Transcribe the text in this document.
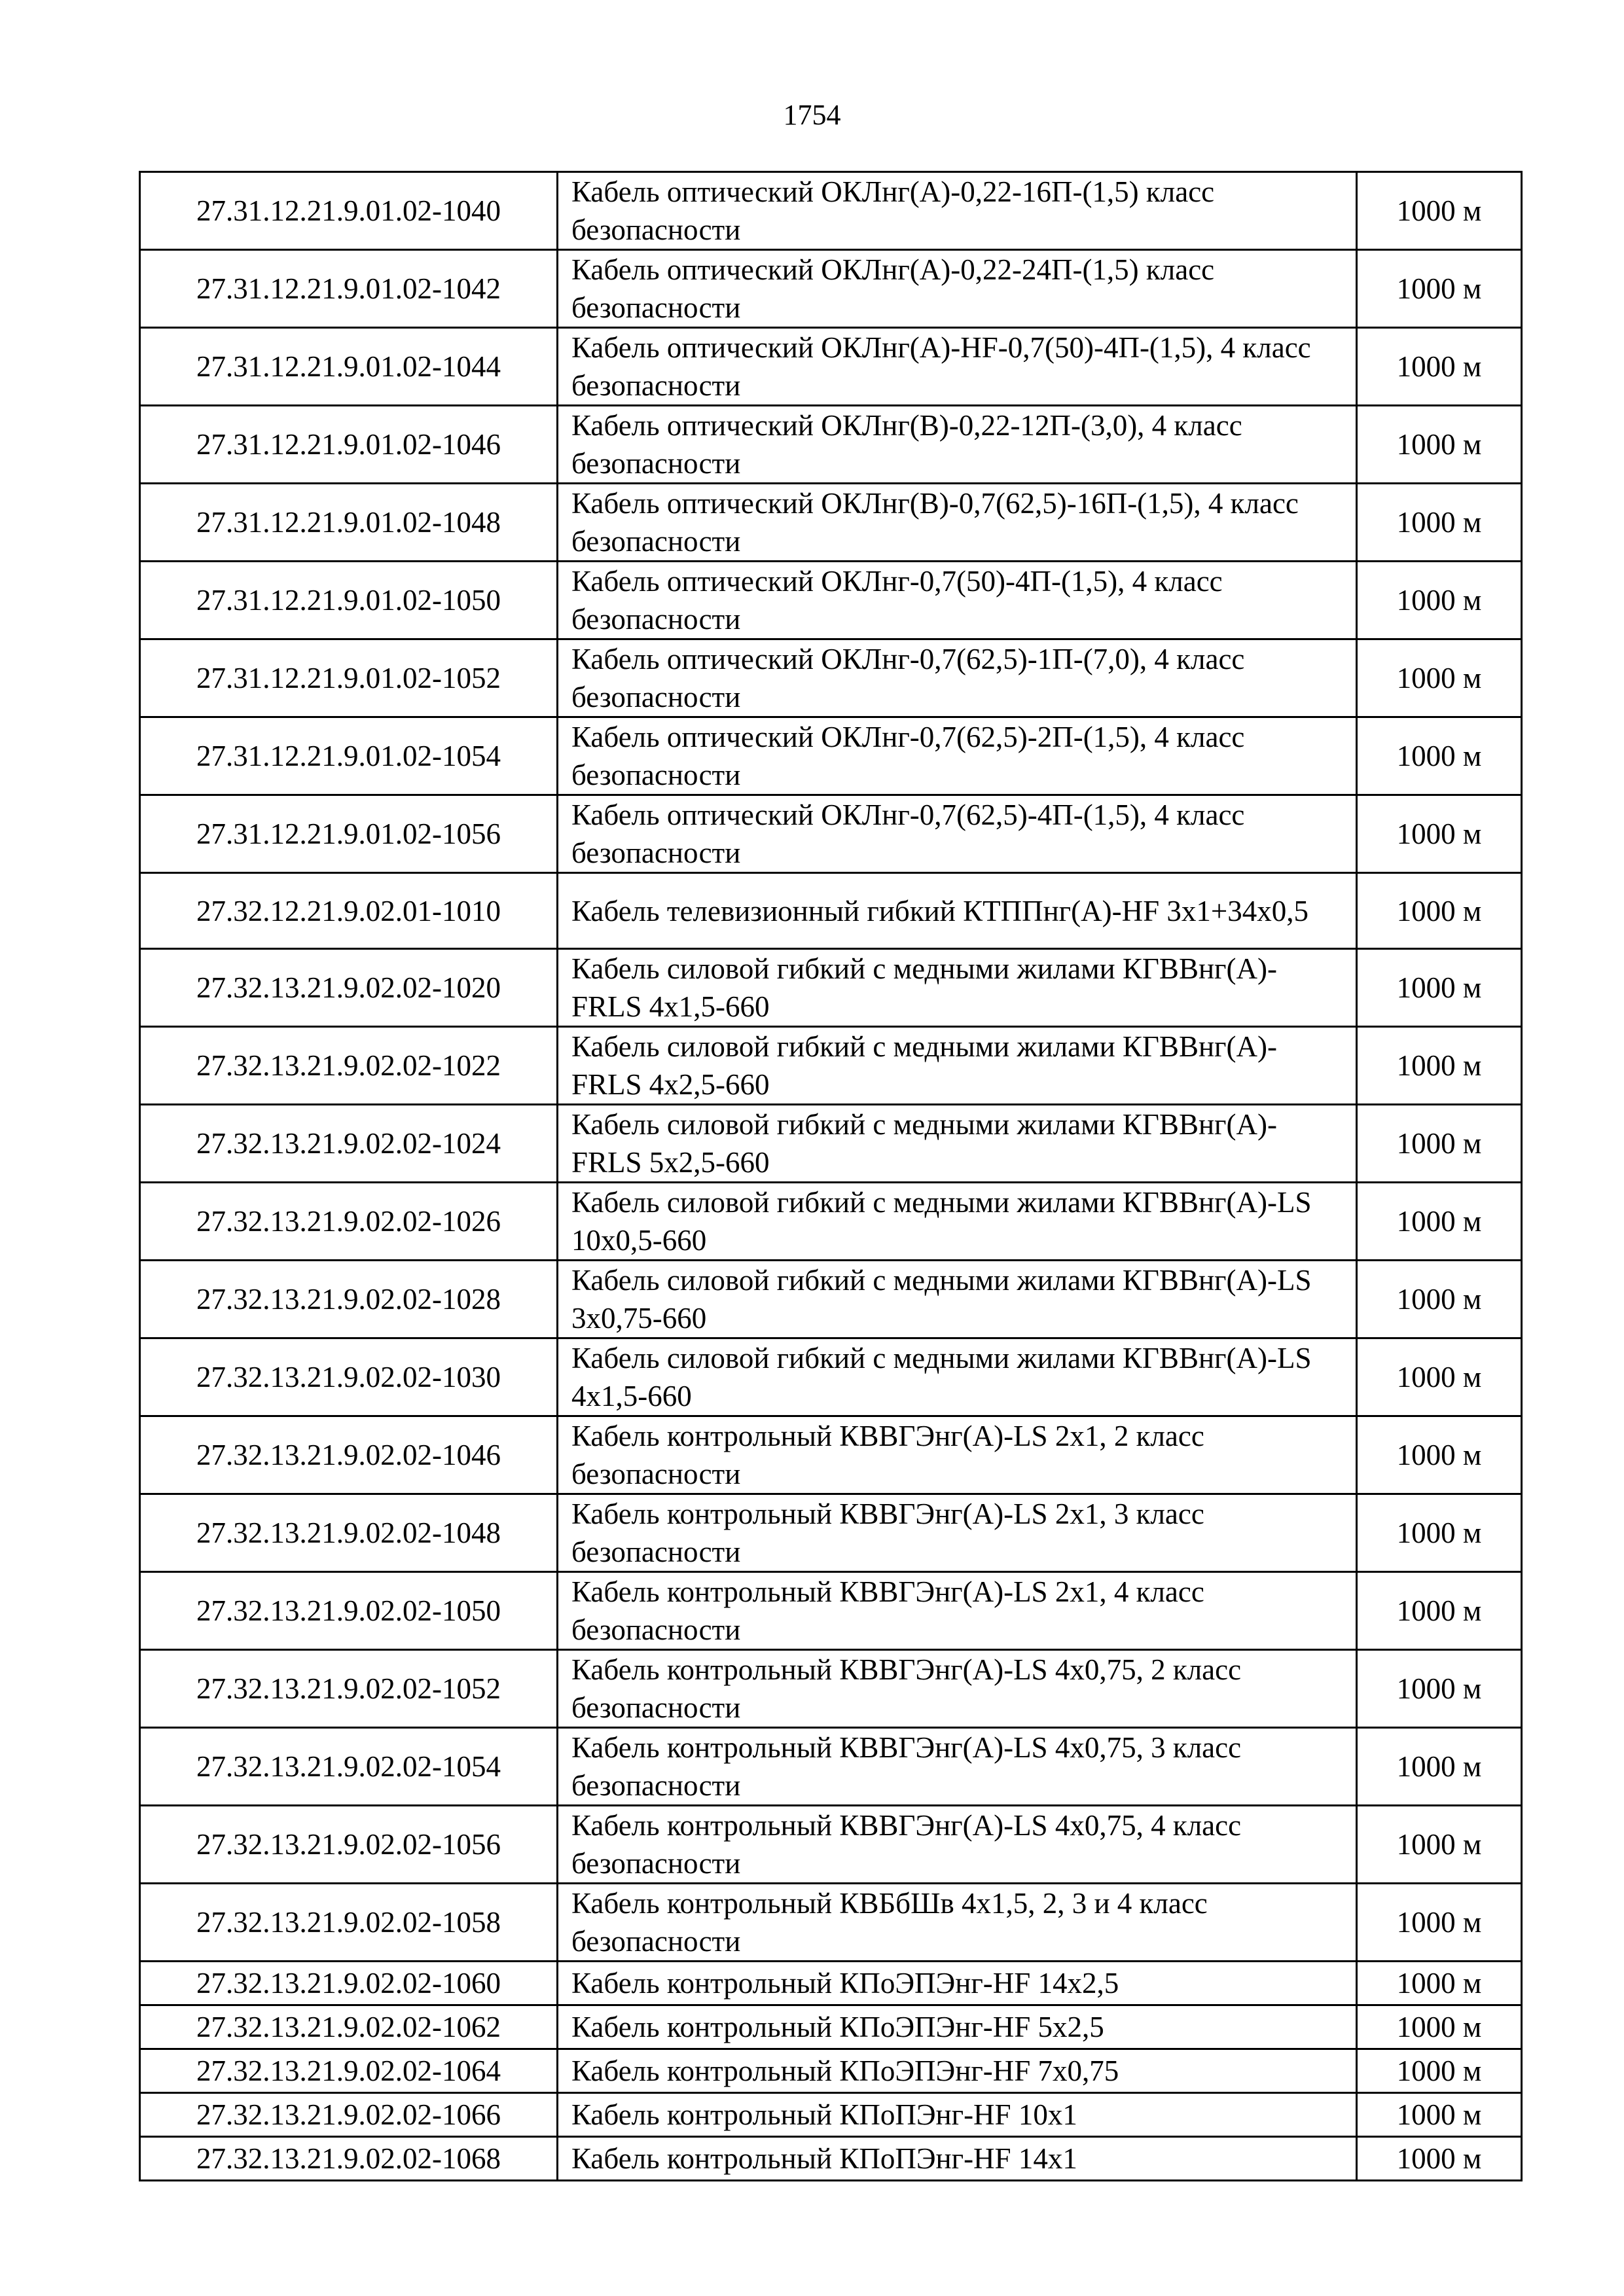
1754
27.31.12.21.9.01.02-1040	Кабель оптический ОКЛнг(А)-0,22-16П-(1,5) класс безопасности	1000 м
27.31.12.21.9.01.02-1042	Кабель оптический ОКЛнг(А)-0,22-24П-(1,5) класс безопасности	1000 м
27.31.12.21.9.01.02-1044	Кабель оптический ОКЛнг(А)-HF-0,7(50)-4П-(1,5), 4 класс безопасности	1000 м
27.31.12.21.9.01.02-1046	Кабель оптический ОКЛнг(В)-0,22-12П-(3,0), 4 класс безопасности	1000 м
27.31.12.21.9.01.02-1048	Кабель оптический ОКЛнг(В)-0,7(62,5)-16П-(1,5), 4 класс безопасности	1000 м
27.31.12.21.9.01.02-1050	Кабель оптический ОКЛнг-0,7(50)-4П-(1,5), 4 класс безопасности	1000 м
27.31.12.21.9.01.02-1052	Кабель оптический ОКЛнг-0,7(62,5)-1П-(7,0), 4 класс безопасности	1000 м
27.31.12.21.9.01.02-1054	Кабель оптический ОКЛнг-0,7(62,5)-2П-(1,5), 4 класс безопасности	1000 м
27.31.12.21.9.01.02-1056	Кабель оптический ОКЛнг-0,7(62,5)-4П-(1,5), 4 класс безопасности	1000 м
27.32.12.21.9.02.01-1010	Кабель телевизионный гибкий КТППнг(А)-HF 3х1+34х0,5	1000 м
27.32.13.21.9.02.02-1020	Кабель силовой гибкий с медными жилами КГВВнг(А)-FRLS 4х1,5-660	1000 м
27.32.13.21.9.02.02-1022	Кабель силовой гибкий с медными жилами КГВВнг(А)-FRLS 4х2,5-660	1000 м
27.32.13.21.9.02.02-1024	Кабель силовой гибкий с медными жилами КГВВнг(А)-FRLS 5х2,5-660	1000 м
27.32.13.21.9.02.02-1026	Кабель силовой гибкий с медными жилами КГВВнг(А)-LS 10х0,5-660	1000 м
27.32.13.21.9.02.02-1028	Кабель силовой гибкий с медными жилами КГВВнг(А)-LS 3х0,75-660	1000 м
27.32.13.21.9.02.02-1030	Кабель силовой гибкий с медными жилами КГВВнг(А)-LS 4х1,5-660	1000 м
27.32.13.21.9.02.02-1046	Кабель контрольный КВВГЭнг(А)-LS 2х1, 2 класс безопасности	1000 м
27.32.13.21.9.02.02-1048	Кабель контрольный КВВГЭнг(А)-LS 2х1, 3 класс безопасности	1000 м
27.32.13.21.9.02.02-1050	Кабель контрольный КВВГЭнг(А)-LS 2х1, 4 класс безопасности	1000 м
27.32.13.21.9.02.02-1052	Кабель контрольный КВВГЭнг(А)-LS 4х0,75, 2 класс безопасности	1000 м
27.32.13.21.9.02.02-1054	Кабель контрольный КВВГЭнг(А)-LS 4х0,75, 3 класс безопасности	1000 м
27.32.13.21.9.02.02-1056	Кабель контрольный КВВГЭнг(А)-LS 4х0,75, 4 класс безопасности	1000 м
27.32.13.21.9.02.02-1058	Кабель контрольный КВБбШв 4х1,5, 2, 3 и 4 класс безопасности	1000 м
27.32.13.21.9.02.02-1060	Кабель контрольный КПоЭПЭнг-HF 14х2,5	1000 м
27.32.13.21.9.02.02-1062	Кабель контрольный КПоЭПЭнг-HF 5х2,5	1000 м
27.32.13.21.9.02.02-1064	Кабель контрольный КПоЭПЭнг-HF 7х0,75	1000 м
27.32.13.21.9.02.02-1066	Кабель контрольный КПоПЭнг-HF 10х1	1000 м
27.32.13.21.9.02.02-1068	Кабель контрольный КПоПЭнг-HF 14х1	1000 м
